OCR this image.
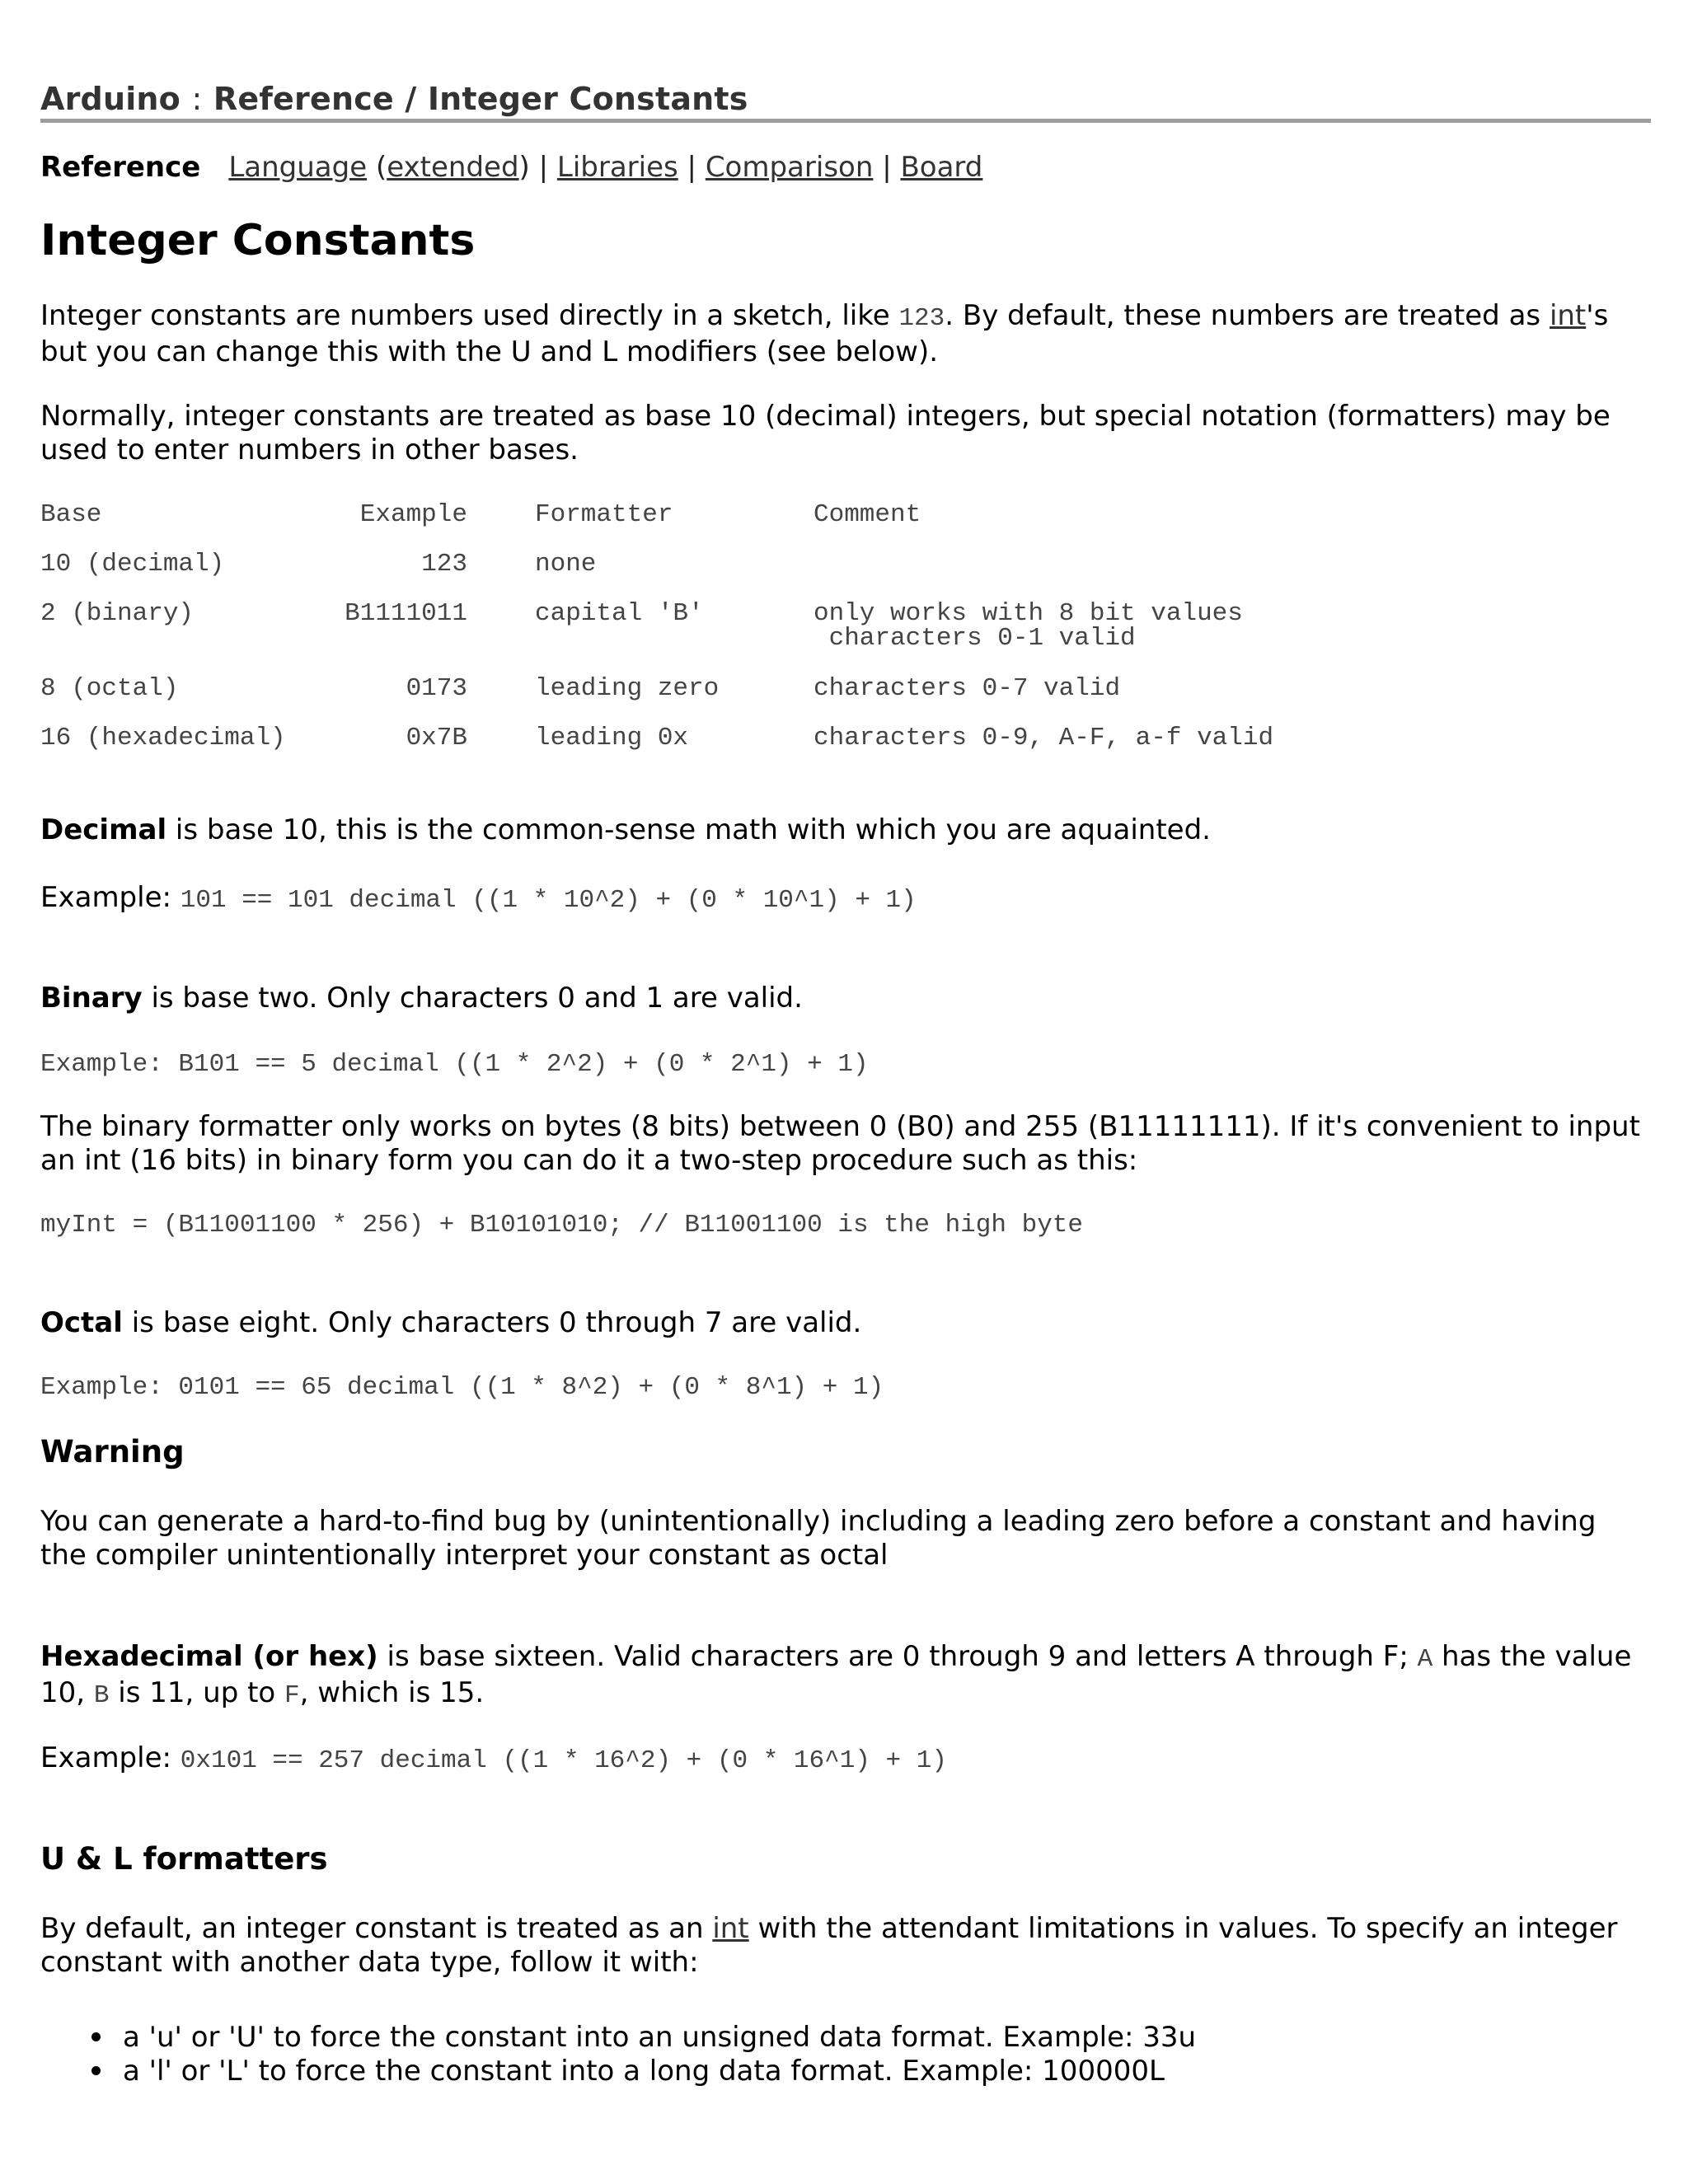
Arduino : Reference / Integer Constants
Reference Language (extended) | Libraries | Comparison | Board
Integer Constants

Integer constants are numbers used directly in a sketch, like 123. By default, these numbers are treated as int's but you can change this with the U and L modifiers (see below).

Normally, integer constants are treated as base 10 (decimal) integers, but special notation (formatters) may be used to enter numbers in other bases.

Base	Example	Formatter	Comment
10 (decimal)	123	none
2 (binary)	B1111011	capital 'B'	only works with 8 bit values
characters 0-1 valid
8 (octal)	0173	leading zero	characters 0-7 valid
16 (hexadecimal)	0x7B	leading 0x	characters 0-9, A-F, a-f valid

Decimal is base 10, this is the common-sense math with which you are aquainted.

Example: 101 == 101 decimal ((1 * 10^2) + (0 * 10^1) + 1)

Binary is base two. Only characters 0 and 1 are valid.

Example: B101 == 5 decimal ((1 * 2^2) + (0 * 2^1) + 1)

The binary formatter only works on bytes (8 bits) between 0 (B0) and 255 (B11111111). If it's convenient to input an int (16 bits) in binary form you can do it a two-step procedure such as this:

myInt = (B11001100 * 256) + B10101010; // B11001100 is the high byte

Octal is base eight. Only characters 0 through 7 are valid.

Example: 0101 == 65 decimal ((1 * 8^2) + (0 * 8^1) + 1)
Warning

You can generate a hard-to-find bug by (unintentionally) including a leading zero before a constant and having the compiler unintentionally interpret your constant as octal

Hexadecimal (or hex) is base sixteen. Valid characters are 0 through 9 and letters A through F; A has the value 10, B is 11, up to F, which is 15.

Example: 0x101 == 257 decimal ((1 * 16^2) + (0 * 16^1) + 1)

U & L formatters

By default, an integer constant is treated as an int with the attendant limitations in values. To specify an integer constant with another data type, follow it with:

a 'u' or 'U' to force the constant into an unsigned data format. Example: 33u
a 'l' or 'L' to force the constant into a long data format. Example: 100000L
